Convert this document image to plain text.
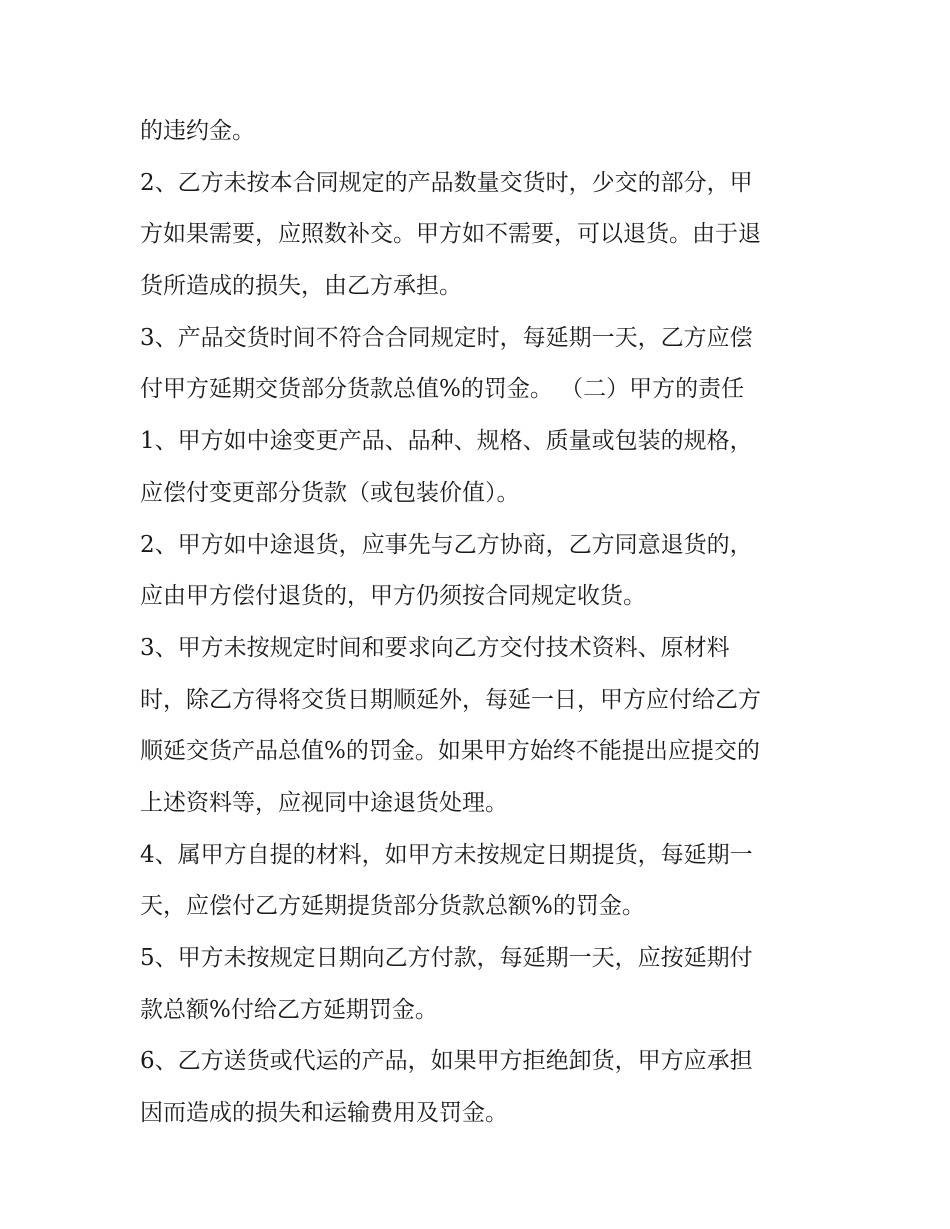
的违约金。
2、乙方未按本合同规定的产品数量交货时，少交的部分，甲
方如果需要，应照数补交。甲方如不需要，可以退货。由于退
货所造成的损失，由乙方承担。
3、产品交货时间不符合合同规定时，每延期一天，乙方应偿
付甲方延期交货部分货款总值%的罚金。 （二）甲方的责任
1、甲方如中途变更产品、品种、规格、质量或包装的规格，
应偿付变更部分货款（或包装价值）。
2、甲方如中途退货，应事先与乙方协商，乙方同意退货的，
应由甲方偿付退货的，甲方仍须按合同规定收货。
3、甲方未按规定时间和要求向乙方交付技术资料、原材料
时，除乙方得将交货日期顺延外，每延一日，甲方应付给乙方
顺延交货产品总值%的罚金。如果甲方始终不能提出应提交的
上述资料等，应视同中途退货处理。
4、属甲方自提的材料，如甲方未按规定日期提货，每延期一
天，应偿付乙方延期提货部分货款总额%的罚金。
5、甲方未按规定日期向乙方付款，每延期一天，应按延期付
款总额%付给乙方延期罚金。
6、乙方送货或代运的产品，如果甲方拒绝卸货，甲方应承担
因而造成的损失和运输费用及罚金。
